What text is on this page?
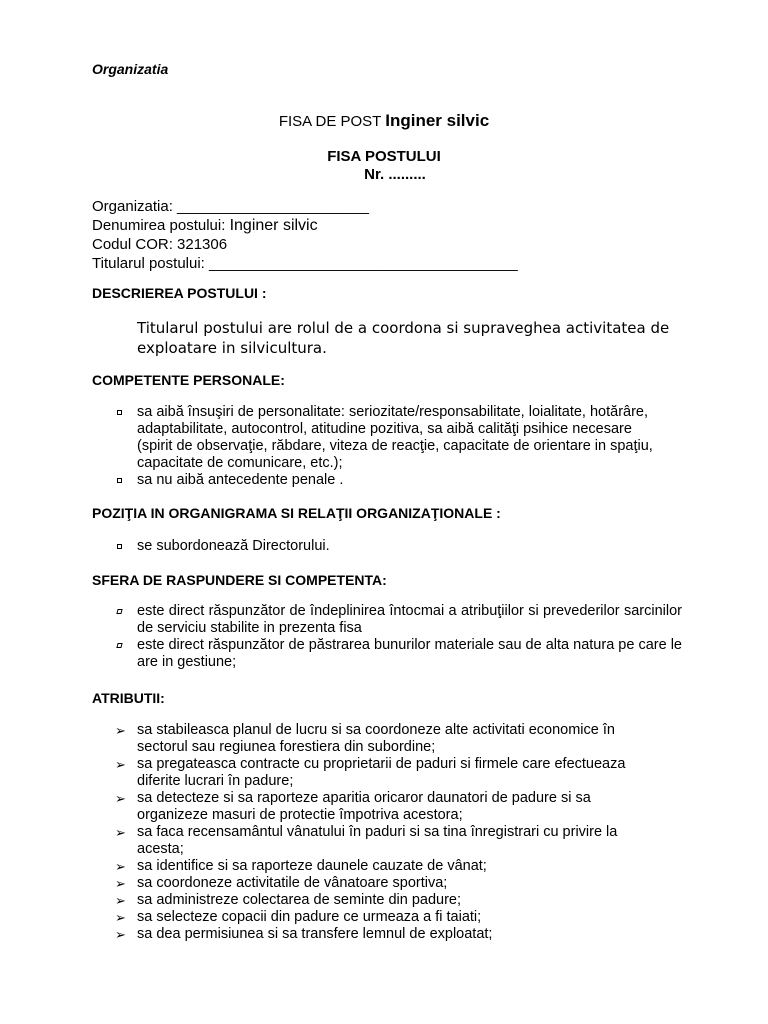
Organizatia
FISA DE POST Inginer silvic
FISA POSTULUI
Nr. .........
Organizatia: _______________________
Denumirea postului: Inginer silvic
Codul COR: 321306
Titularul postului: _____________________________________
DESCRIEREA POSTULUI :
Titularul postului are rolul de a coordona si supraveghea activitatea de exploatare in silvicultura.
COMPETENTE PERSONALE:
sa aibă însuşiri de personalitate: seriozitate/responsabilitate, loialitate, hotărâre, adaptabilitate, autocontrol, atitudine pozitiva, sa aibă calităţi psihice necesare (spirit de observaţie, răbdare, viteza de reacţie, capacitate de orientare in spaţiu, capacitate de comunicare, etc.);
sa nu aibă antecedente penale .
POZIŢIA IN ORGANIGRAMA SI RELAŢII ORGANIZAŢIONALE :
se subordonează Directorului.
SFERA DE RASPUNDERE SI COMPETENTA:
este direct răspunzător de îndeplinirea întocmai a atribuţiilor si prevederilor sarcinilor de serviciu stabilite in prezenta fisa
este direct răspunzător de păstrarea bunurilor materiale sau de alta natura pe care le are in gestiune;
ATRIBUTII:
➢ sa stabileasca planul de lucru si sa coordoneze alte activitati economice în sectorul sau regiunea forestiera din subordine;
➢ sa pregateasca contracte cu proprietarii de paduri si firmele care efectueaza diferite lucrari în padure;
➢ sa detecteze si sa raporteze aparitia oricaror daunatori de padure si sa organizeze masuri de protectie împotriva acestora;
➢ sa faca recensamântul vânatului în paduri si sa tina înregistrari cu privire la acesta;
➢ sa identifice si sa raporteze daunele cauzate de vânat;
➢ sa coordoneze activitatile de vânatoare sportiva;
➢ sa administreze colectarea de seminte din padure;
➢ sa selecteze copacii din padure ce urmeaza a fi taiati;
➢ sa dea permisiunea si sa transfere lemnul de exploatat;
